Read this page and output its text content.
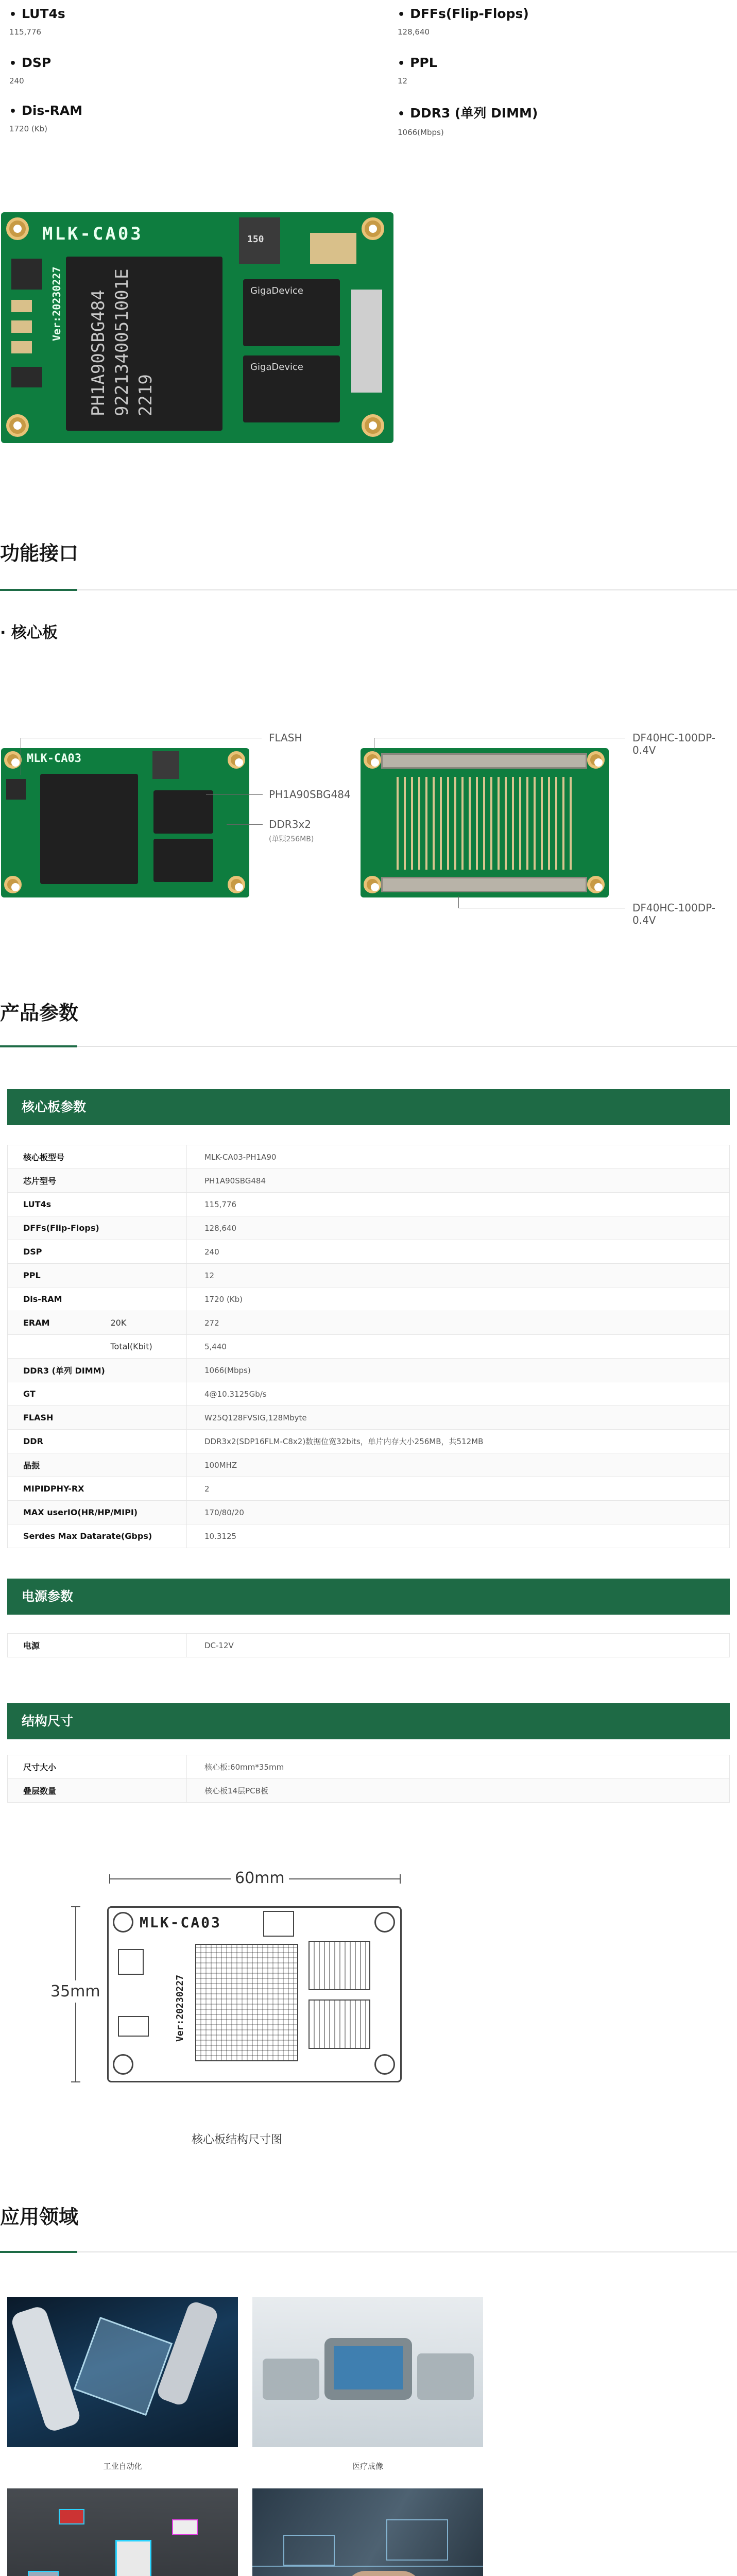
• LUT4s
115,776
• DFFs(Flip-Flops)
128,640
• DSP
240
• PPL
12
• Dis-RAM
1720 (Kb)
• DDR3 (单列 DIMM)
1066(Mbps)
MLK-CA03
Ver:20230227 PH1A90SBG484 9221340051001E 2219
150
GigaDevice
GigaDevice
功能接口
· 核心板
MLK-CA03
FLASH
PH1A90SBG484
DDR3x2
(单颗256MB)
DF40HC-100DP-0.4V
DF40HC-100DP-0.4V
产品参数
核心板参数
核心板型号		MLK-CA03-PH1A90
芯片型号		PH1A90SBG484
LUT4s		115,776
DFFs(Flip-Flops)		128,640
DSP		240
PPL		12
Dis-RAM		1720 (Kb)
ERAM	20K	272
	Total(Kbit)	5,440
DDR3 (单列 DIMM)		1066(Mbps)
GT		4@10.3125Gb/s
FLASH		W25Q128FVSIG,128Mbyte
DDR		DDR3x2(SDP16FLM-C8x2)数据位宽32bits，单片内存大小256MB，共512MB
晶振		100MHZ
MIPIDPHY-RX		2
MAX userIO(HR/HP/MIPI)		170/80/20
Serdes Max Datarate(Gbps)		10.3125
电源参数
电源	DC-12V
结构尺寸
尺寸大小	核心板:60mm*35mm
叠层数量	核心板14层PCB板
60mm
35mm
MLK-CA03
Ver:20230227
核心板结构尺寸图
应用领域
工业自动化	医疗成像
